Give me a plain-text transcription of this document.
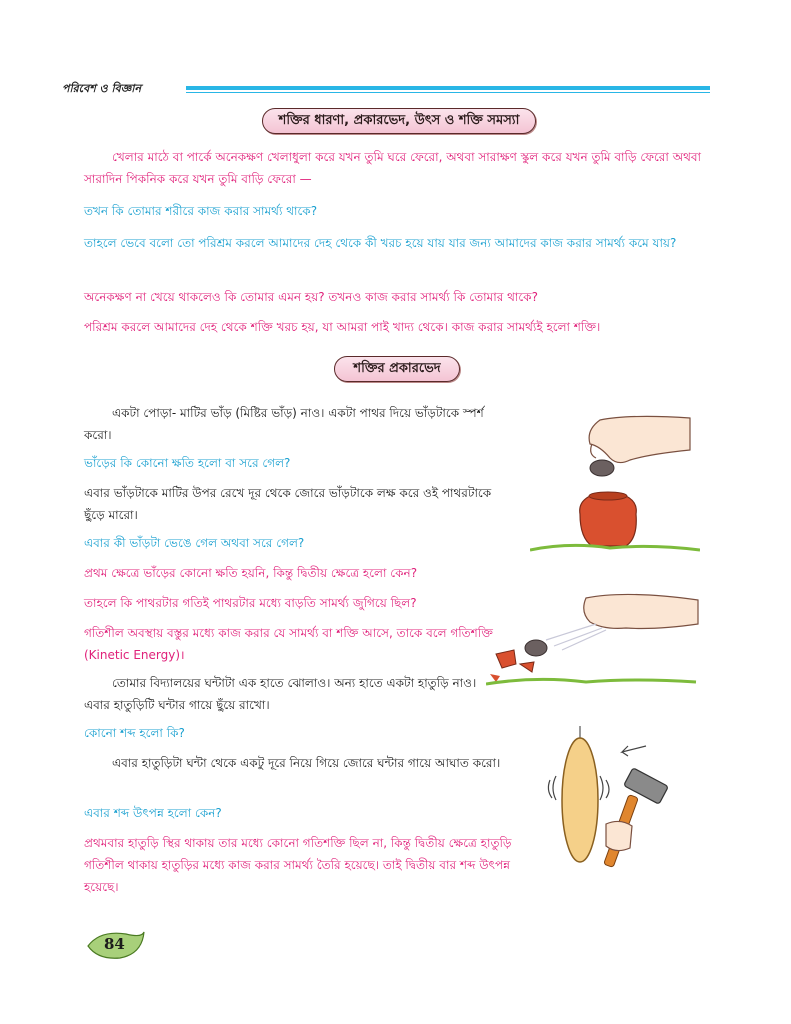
পরিবেশ ও বিজ্ঞান
শক্তির ধারণা, প্রকারভেদ, উৎস ও শক্তি সমস্যা
খেলার মাঠে বা পার্কে অনেকক্ষণ খেলাধুলা করে যখন তুমি ঘরে ফেরো, অথবা সারাক্ষণ স্কুল করে যখন তুমি বাড়ি ফেরো অথবা সারাদিন পিকনিক করে যখন তুমি বাড়ি ফেরো —
তখন কি তোমার শরীরে কাজ করার সামর্থ্য থাকে?
তাহলে ভেবে বলো তো পরিশ্রম করলে আমাদের দেহ থেকে কী খরচ হয়ে যায় যার জন্য আমাদের কাজ করার সামর্থ্য কমে যায়?
অনেকক্ষণ না খেয়ে থাকলেও কি তোমার এমন হয়? তখনও কাজ করার সামর্থ্য কি তোমার থাকে?
পরিশ্রম করলে আমাদের দেহ থেকে শক্তি খরচ হয়, যা আমরা পাই খাদ্য থেকে। কাজ করার সামর্থ্যই হলো শক্তি।
শক্তির প্রকারভেদ
একটা পোড়া- মাটির ভাঁড় (মিষ্টির ভাঁড়) নাও। একটা পাথর দিয়ে ভাঁড়টাকে স্পর্শ করো।
ভাঁড়ের কি কোনো ক্ষতি হলো বা সরে গেল?
এবার ভাঁড়টাকে মাটির উপর রেখে দূর থেকে জোরে ভাঁড়টাকে লক্ষ করে ওই পাথরটাকে ছুঁড়ে মারো।
এবার কী ভাঁড়টা ভেঙে গেল অথবা সরে গেল?
প্রথম ক্ষেত্রে ভাঁড়ের কোনো ক্ষতি হয়নি, কিন্তু দ্বিতীয় ক্ষেত্রে হলো কেন?
তাহলে কি পাথরটার গতিই পাথরটার মধ্যে বাড়তি সামর্থ্য জুগিয়ে ছিল?
গতিশীল অবস্থায় বস্তুর মধ্যে কাজ করার যে সামর্থ্য বা শক্তি আসে, তাকে বলে গতিশক্তি (Kinetic Energy)।
তোমার বিদ্যালয়ের ঘন্টাটা এক হাতে ঝোলাও। অন্য হাতে একটা হাতুড়ি নাও। এবার হাতুড়িটি ঘন্টার গায়ে ছুঁয়ে রাখো।
কোনো শব্দ হলো কি?
এবার হাতুড়িটা ঘন্টা থেকে একটু দূরে নিয়ে গিয়ে জোরে ঘন্টার গায়ে আঘাত করো।
এবার শব্দ উৎপন্ন হলো কেন?
প্রথমবার হাতুড়ি স্থির থাকায় তার মধ্যে কোনো গতিশক্তি ছিল না, কিন্তু দ্বিতীয় ক্ষেত্রে হাতুড়ি গতিশীল থাকায় হাতুড়ির মধ্যে কাজ করার সামর্থ্য তৈরি হয়েছে। তাই দ্বিতীয় বার শব্দ উৎপন্ন হয়েছে।
84
